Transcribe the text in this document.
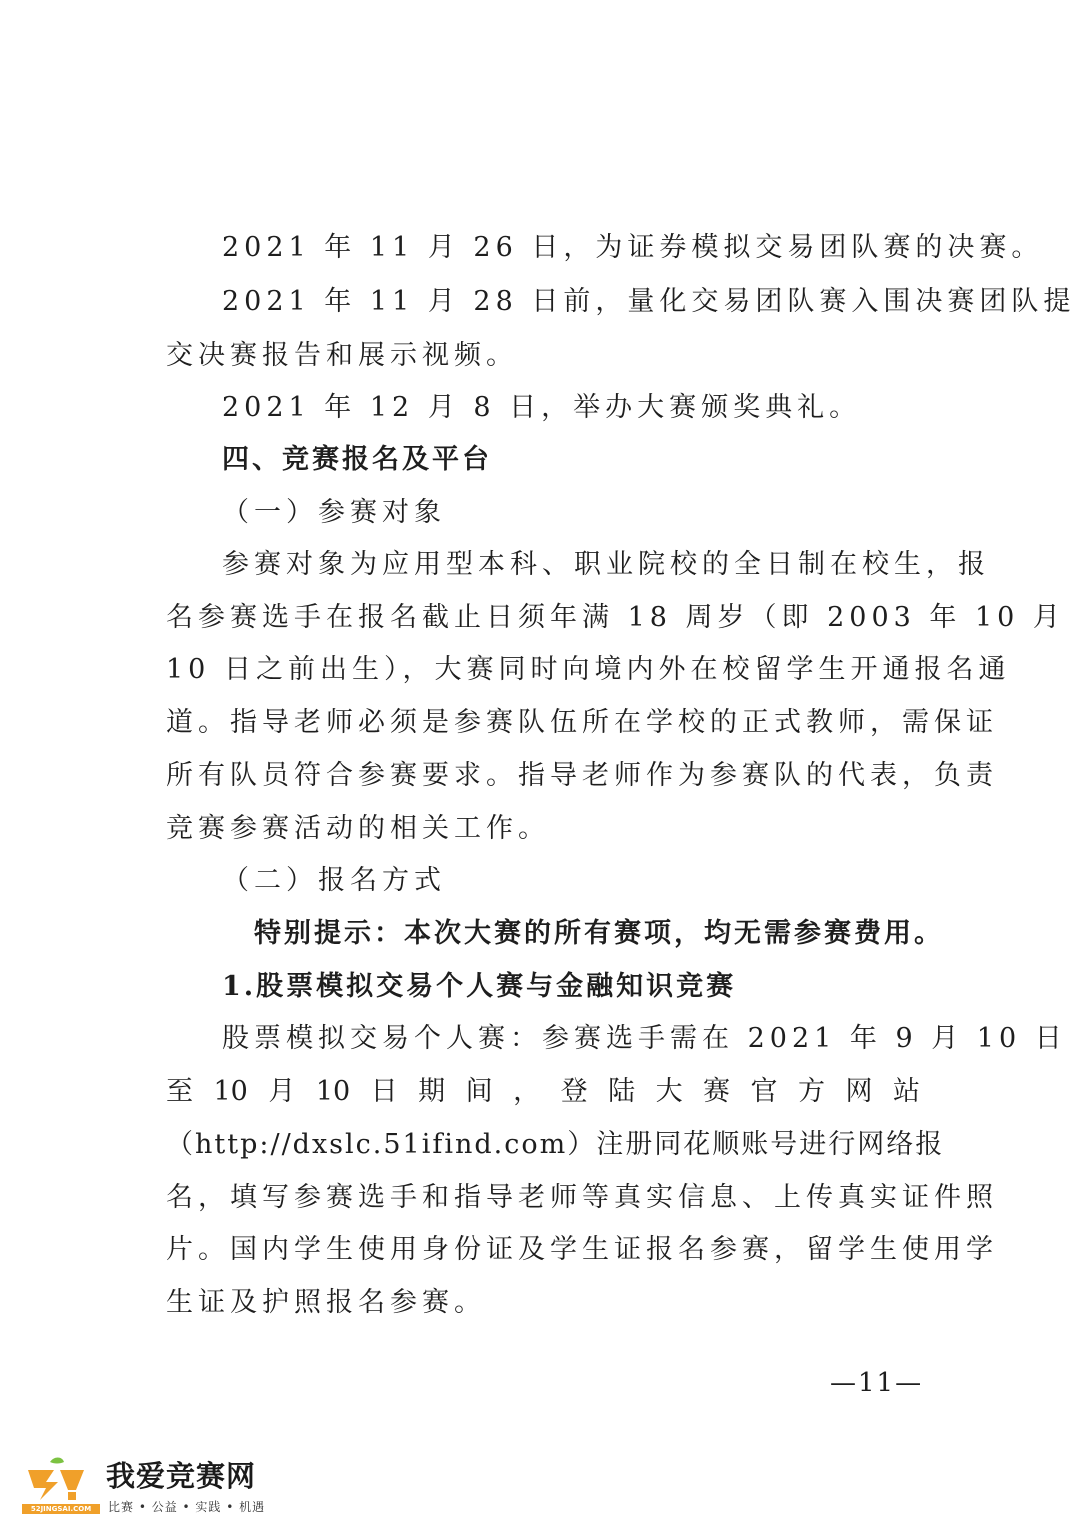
2021 年 11 月 26 日，为证券模拟交易团队赛的决赛。
2021 年 11 月 28 日前，量化交易团队赛入围决赛团队提
交决赛报告和展示视频。
2021 年 12 月 8 日，举办大赛颁奖典礼。
四、竞赛报名及平台
（一）参赛对象
参赛对象为应用型本科、职业院校的全日制在校生，报
名参赛选手在报名截止日须年满 18 周岁（即 2003 年 10 月
10 日之前出生），大赛同时向境内外在校留学生开通报名通
道。指导老师必须是参赛队伍所在学校的正式教师，需保证
所有队员符合参赛要求。指导老师作为参赛队的代表，负责
竞赛参赛活动的相关工作。
（二）报名方式
特别提示：本次大赛的所有赛项，均无需参赛费用。
1.股票模拟交易个人赛与金融知识竞赛
股票模拟交易个人赛：参赛选手需在 2021 年 9 月 10 日
至 10 月 10 日 期 间 ， 登 陆 大 赛 官 方 网 站
（http://dxslc.51ifind.com）注册同花顺账号进行网络报
名，填写参赛选手和指导老师等真实信息、上传真实证件照
片。国内学生使用身份证及学生证报名参赛，留学生使用学
生证及护照报名参赛。
—11—
52JINGSAI.COM
我爱竞赛网
比赛 • 公益 • 实践 • 机遇
